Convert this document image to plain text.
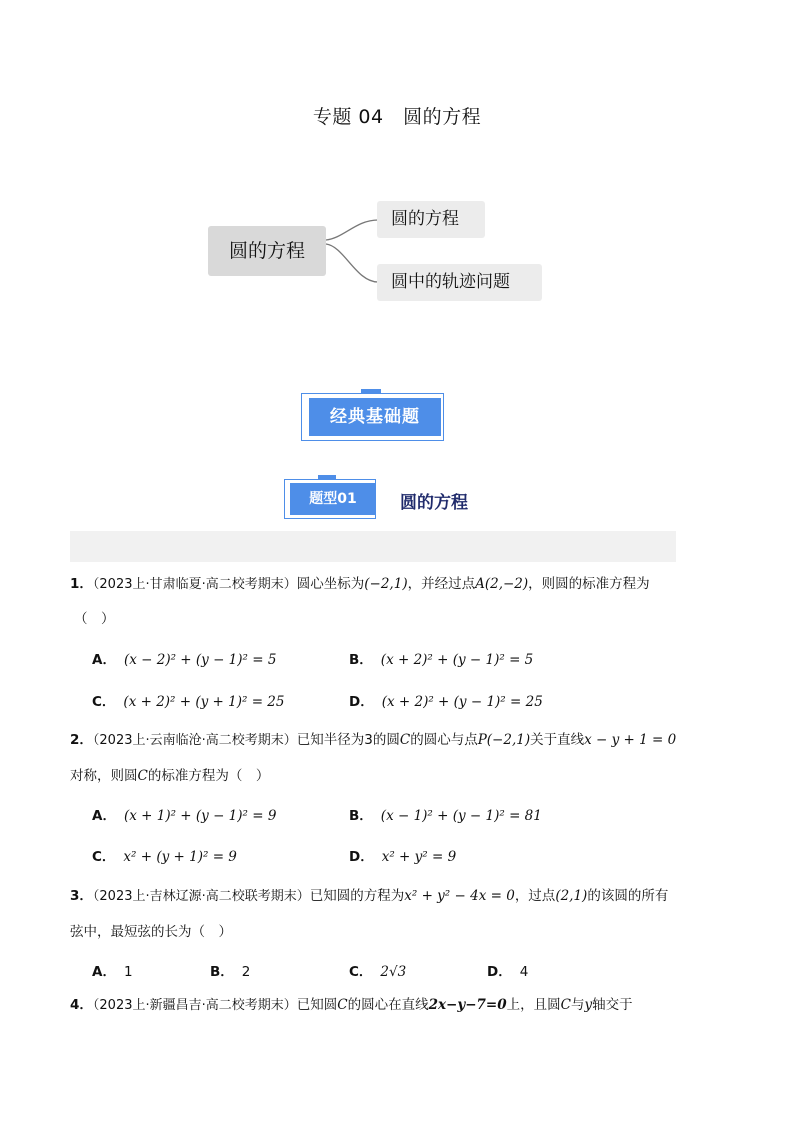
专题 04　圆的方程
圆的方程
圆的方程
圆中的轨迹问题
经典基础题
题型01	圆的方程
1．（2023上·甘肃临夏·高二校考期末）圆心坐标为(−2,1)，并经过点A(2,−2)，则圆的标准方程为
（　）
A． (x − 2)² + (y − 1)² = 5	B． (x + 2)² + (y − 1)² = 5
C． (x + 2)² + (y + 1)² = 25	D． (x + 2)² + (y − 1)² = 25
2．（2023上·云南临沧·高二校考期末）已知半径为3的圆C的圆心与点P(−2,1)关于直线x − y + 1 = 0
对称，则圆C的标准方程为（　）
A． (x + 1)² + (y − 1)² = 9	B． (x − 1)² + (y − 1)² = 81
C． x² + (y + 1)² = 9	D． x² + y² = 9
3．（2023上·吉林辽源·高二校联考期末）已知圆的方程为x² + y² − 4x = 0，过点(2,1)的该圆的所有
弦中，最短弦的长为（　）
A． 1	B． 2	C． 2√3	D． 4
4．（2023上·新疆昌吉·高二校考期末）已知圆C的圆心在直线2x−y−7=0上，且圆C与y轴交于
